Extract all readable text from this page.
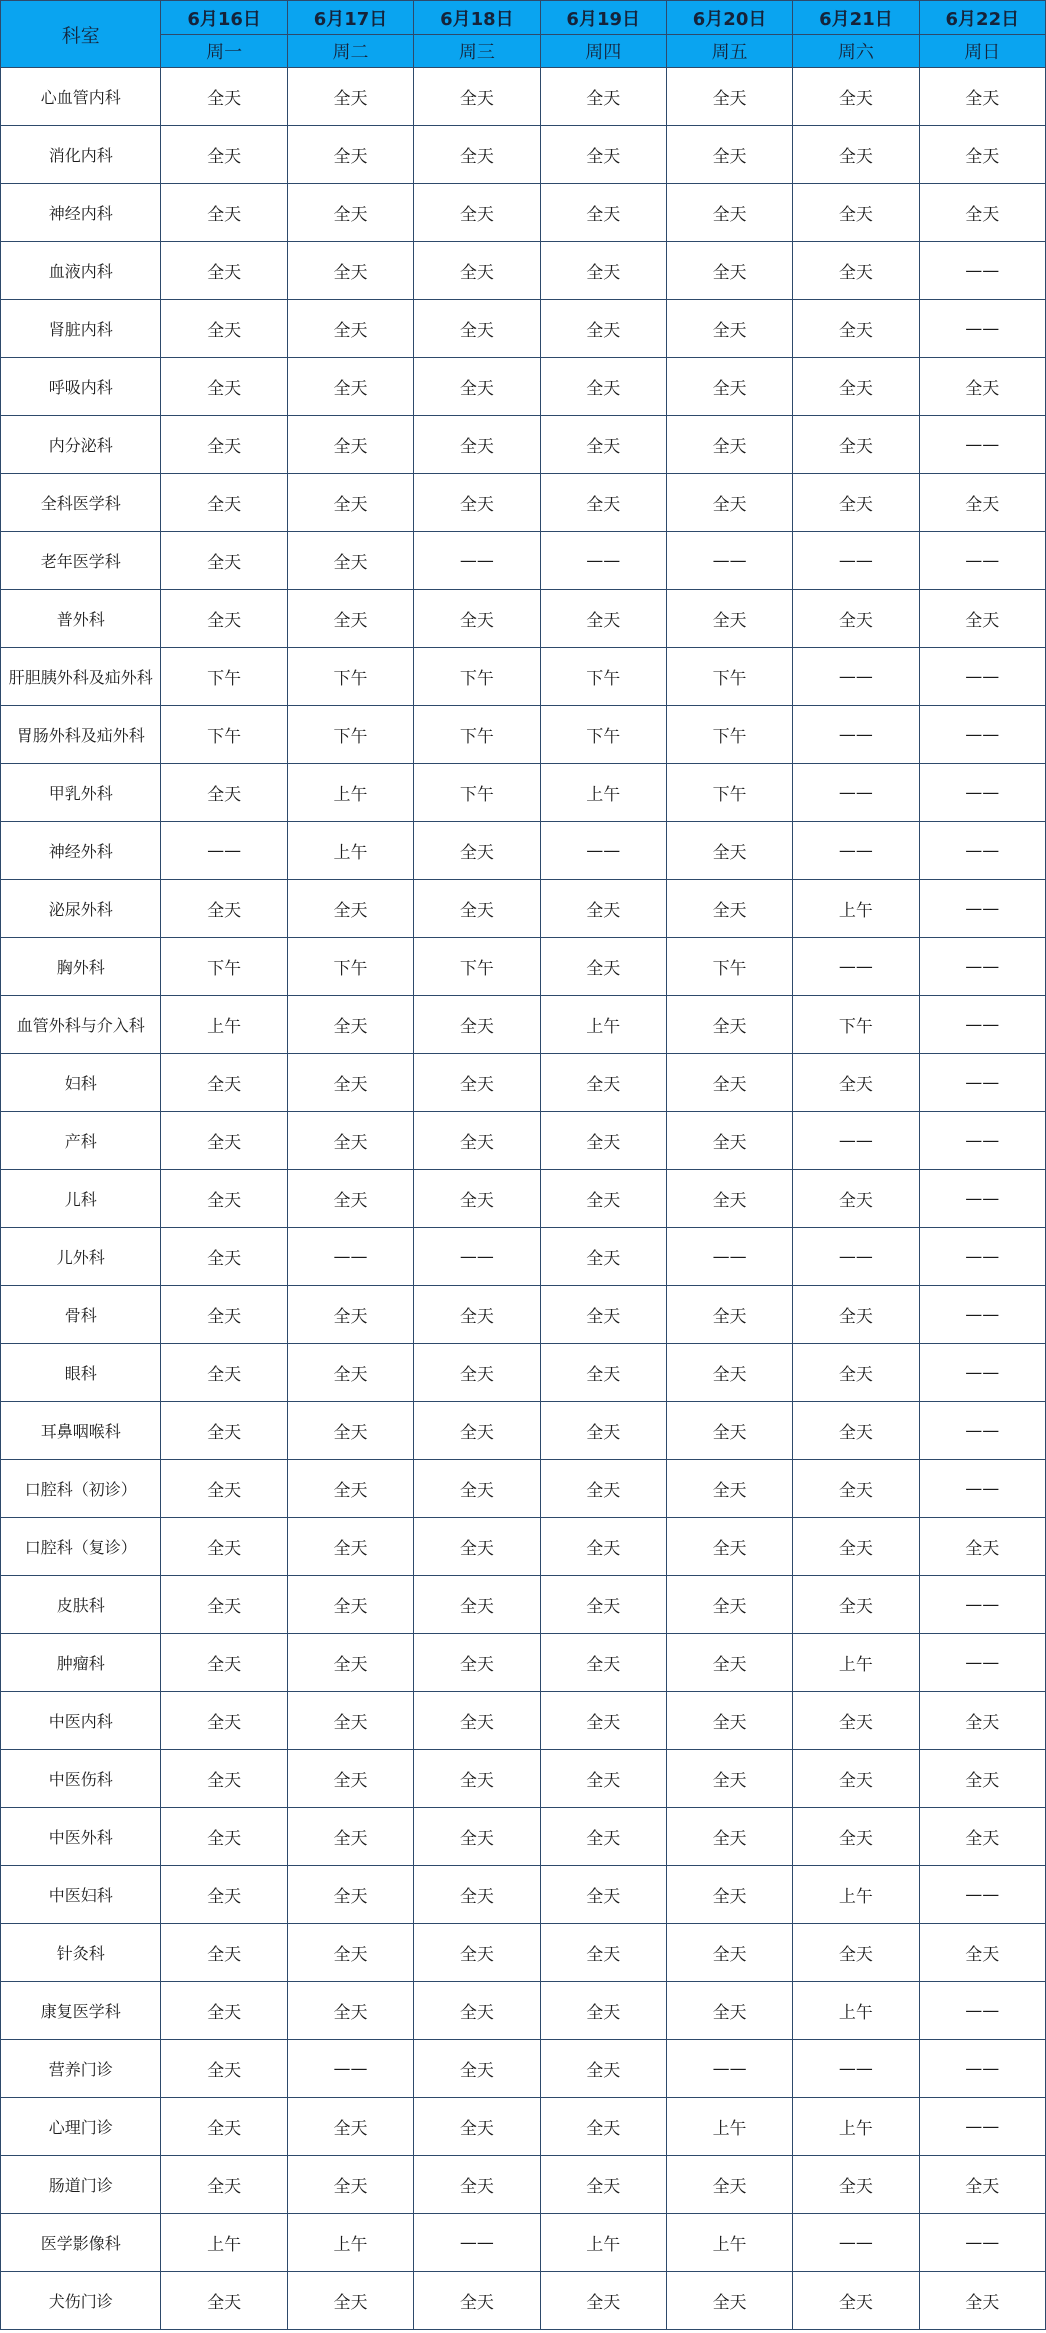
科室	6月16日	6月17日	6月18日	6月19日	6月20日	6月21日	6月22日
	周一	周二	周三	周四	周五	周六	周日
心血管内科	全天	全天	全天	全天	全天	全天	全天
消化内科	全天	全天	全天	全天	全天	全天	全天
神经内科	全天	全天	全天	全天	全天	全天	全天
血液内科	全天	全天	全天	全天	全天	全天	——
肾脏内科	全天	全天	全天	全天	全天	全天	——
呼吸内科	全天	全天	全天	全天	全天	全天	全天
内分泌科	全天	全天	全天	全天	全天	全天	——
全科医学科	全天	全天	全天	全天	全天	全天	全天
老年医学科	全天	全天	——	——	——	——	——
普外科	全天	全天	全天	全天	全天	全天	全天
肝胆胰外科及疝外科	下午	下午	下午	下午	下午	——	——
胃肠外科及疝外科	下午	下午	下午	下午	下午	——	——
甲乳外科	全天	上午	下午	上午	下午	——	——
神经外科	——	上午	全天	——	全天	——	——
泌尿外科	全天	全天	全天	全天	全天	上午	——
胸外科	下午	下午	下午	全天	下午	——	——
血管外科与介入科	上午	全天	全天	上午	全天	下午	——
妇科	全天	全天	全天	全天	全天	全天	——
产科	全天	全天	全天	全天	全天	——	——
儿科	全天	全天	全天	全天	全天	全天	——
儿外科	全天	——	——	全天	——	——	——
骨科	全天	全天	全天	全天	全天	全天	——
眼科	全天	全天	全天	全天	全天	全天	——
耳鼻咽喉科	全天	全天	全天	全天	全天	全天	——
口腔科（初诊）	全天	全天	全天	全天	全天	全天	——
口腔科（复诊）	全天	全天	全天	全天	全天	全天	全天
皮肤科	全天	全天	全天	全天	全天	全天	——
肿瘤科	全天	全天	全天	全天	全天	上午	——
中医内科	全天	全天	全天	全天	全天	全天	全天
中医伤科	全天	全天	全天	全天	全天	全天	全天
中医外科	全天	全天	全天	全天	全天	全天	全天
中医妇科	全天	全天	全天	全天	全天	上午	——
针灸科	全天	全天	全天	全天	全天	全天	全天
康复医学科	全天	全天	全天	全天	全天	上午	——
营养门诊	全天	——	全天	全天	——	——	——
心理门诊	全天	全天	全天	全天	上午	上午	——
肠道门诊	全天	全天	全天	全天	全天	全天	全天
医学影像科	上午	上午	——	上午	上午	——	——
犬伤门诊	全天	全天	全天	全天	全天	全天	全天
